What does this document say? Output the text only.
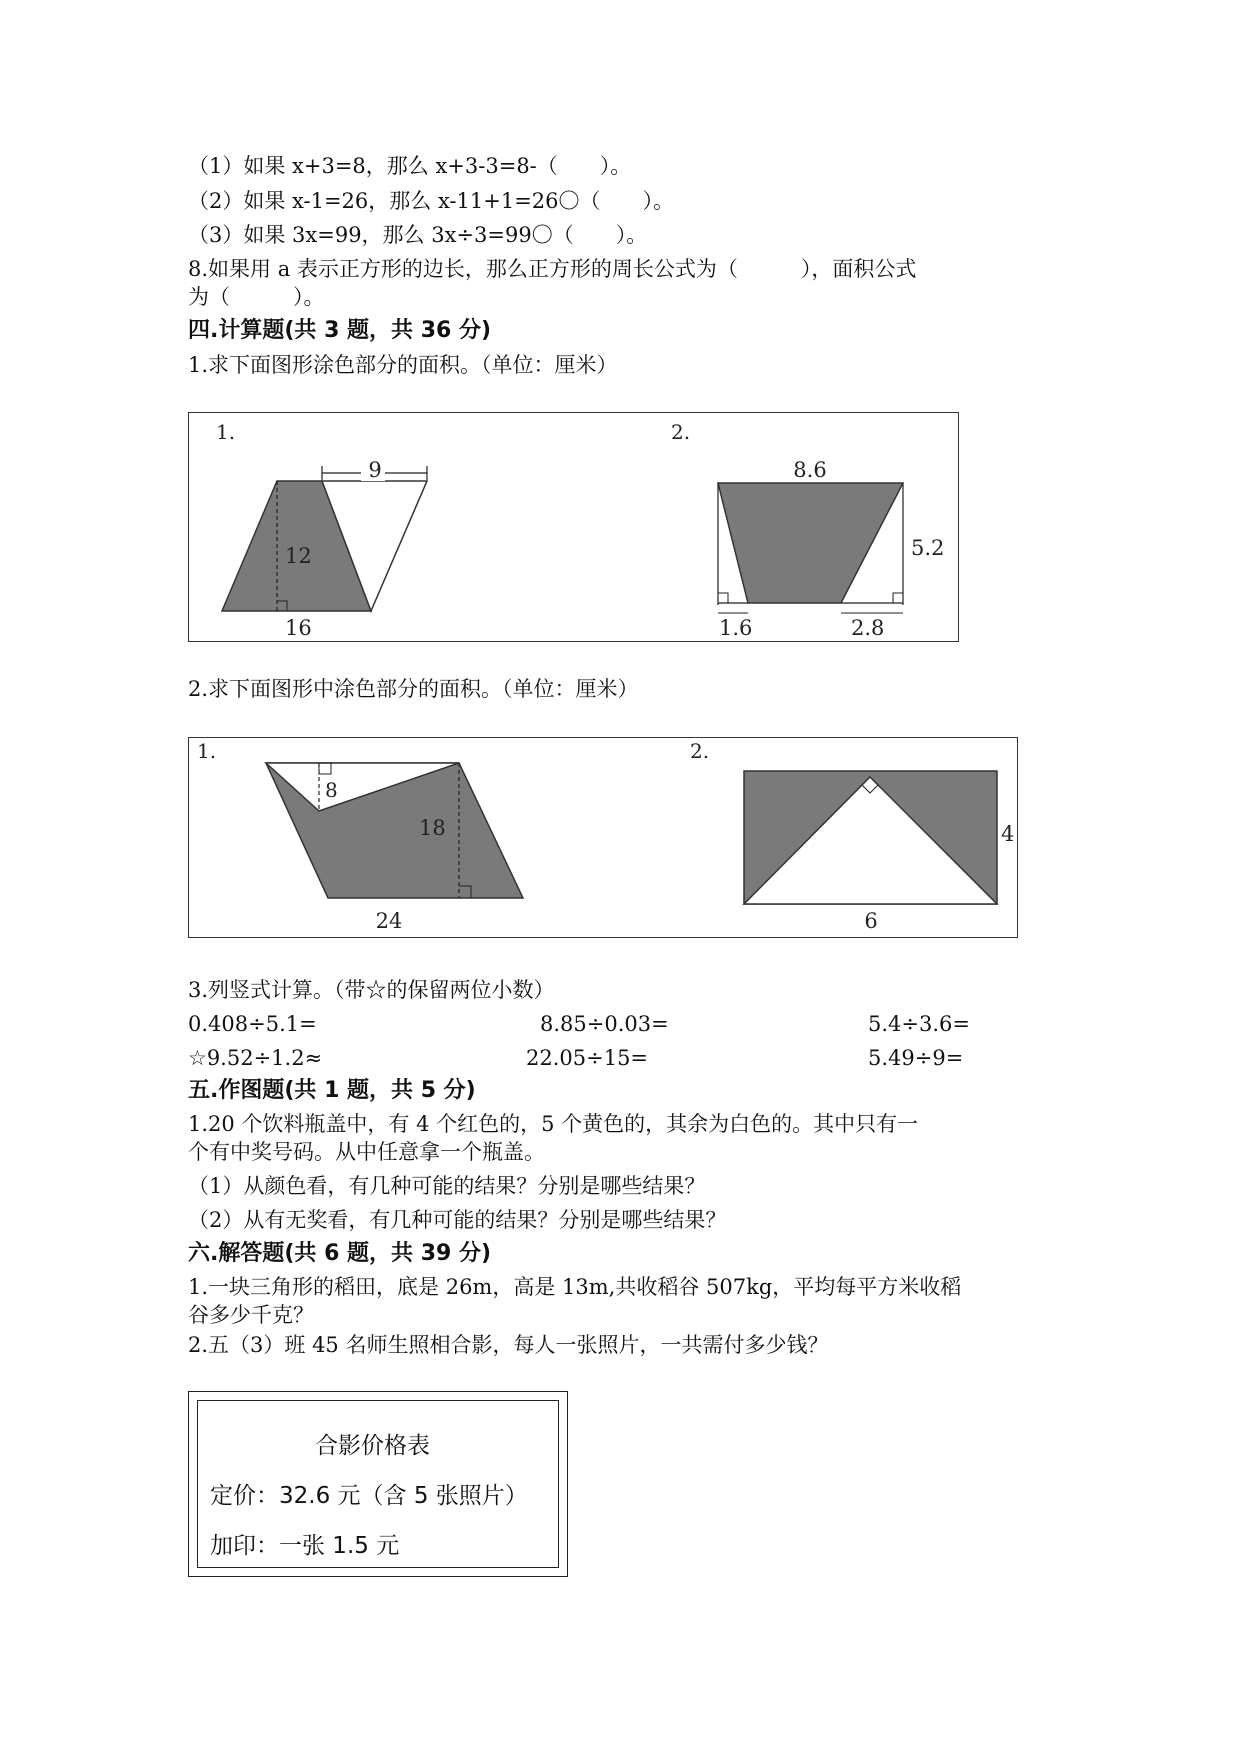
（1）如果 x+3=8，那么 x+3-3=8-（　　）。
（2）如果 x-1=26，那么 x-11+1=26〇（　　）。
（3）如果 3x=99，那么 3x÷3=99〇（　　）。
8.如果用 a 表示正方形的边长，那么正方形的周长公式为（　　　），面积公式
为（　　　）。
四.计算题(共 3 题，共 36 分)
1.求下面图形涂色部分的面积。（单位：厘米）
1.
9
12
16
2.
8.6
5.2
1.6	2.8
2.求下面图形中涂色部分的面积。（单位：厘米）
1.
8
18
24
2.
4
6
3.列竖式计算。（带☆的保留两位小数）
0.408÷5.1=	8.85÷0.03=	5.4÷3.6=
☆9.52÷1.2≈	22.05÷15=	5.49÷9=
五.作图题(共 1 题，共 5 分)
1.20 个饮料瓶盖中，有 4 个红色的，5 个黄色的，其余为白色的。其中只有一
个有中奖号码。从中任意拿一个瓶盖。
（1）从颜色看，有几种可能的结果？分别是哪些结果？
（2）从有无奖看，有几种可能的结果？分别是哪些结果？
六.解答题(共 6 题，共 39 分)
1.一块三角形的稻田，底是 26m，高是 13m,共收稻谷 507kg，平均每平方米收稻
谷多少千克？
2.五（3）班 45 名师生照相合影，每人一张照片，一共需付多少钱？
合影价格表
定价：32.6 元（含 5 张照片）
加印：一张 1.5 元
